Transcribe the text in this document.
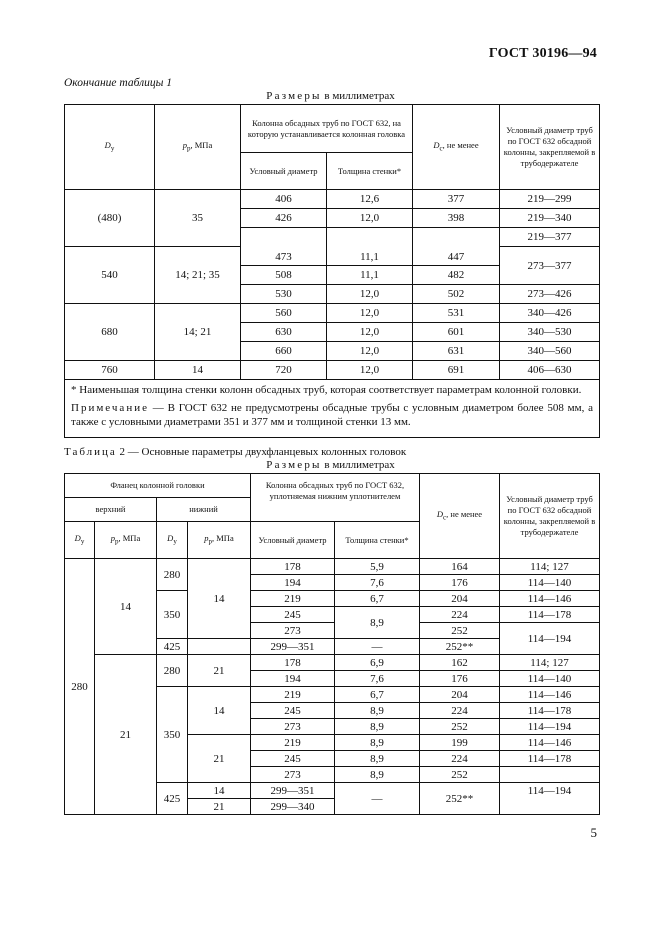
ГОСТ 30196—94
Окончание таблицы 1
Размеры в миллиметрах
$D_y$	$p_p$, МПа	Колонна обсадных труб по ГОСТ 632, на которую устанавливается колонная головка		$D_c$, не менее	Условный диаметр труб по ГОСТ 632 обсадной колонны, закрепляемой в трубодержателе
		Условный диаметр	Толщина стенки*		
(480)	35	406	12,6	377	219—299
		426	12,0	398	219—340
		473	11,1	447	219—377
540	14; 21; 35				273—377
		508	11,1	482	
		530	12,0	502	273—426
680	14; 21	560	12,0	531	340—426
		630	12,0	601	340—530
		660	12,0	631	340—560
760	14	720	12,0	691	406—630

* Наименьшая толщина стенки колонн обсадных труб, которая соответствует параметрам колонной головки.

Примечание — В ГОСТ 632 не предусмотрены обсадные трубы с условным диаметром более 508 мм, а также с условными диаметрами 351 и 377 мм и толщиной стенки 13 мм.					

Таблица 2 — Основные параметры двухфланцевых колонных головок
Размеры в миллиметрах
Фланец колонной головки				Колонна обсадных труб по ГОСТ 632, уплотняемая нижним уплотнителем		$D_c$, не менее	Условный диаметр труб по ГОСТ 632 обсадной колонны, закрепляемой в трубодержателе
верхний		нижний					
$D_y$	$p_p$, МПа	$D_y$	$p_p$, МПа	Условный диаметр	Толщина стенки*		
280	14	280	14	178	5,9	164	114; 127
				194	7,6	176	114—140
		350		219	6,7	204	114—146
				245	8,9	224	114—178
				273		252	114—194
		425		299—351	—	252**	
	21	280	21	178	6,9	162	114; 127
				194	7,6	176	114—140
		350	14	219	6,7	204	114—146
				245	8,9	224	114—178
				273	8,9	252	114—194
			21	219	8,9	199	114—146
				245	8,9	224	114—178
				273	8,9	252	
		425	14	299—351	—	252**	114—194
			21	299—340			
5
